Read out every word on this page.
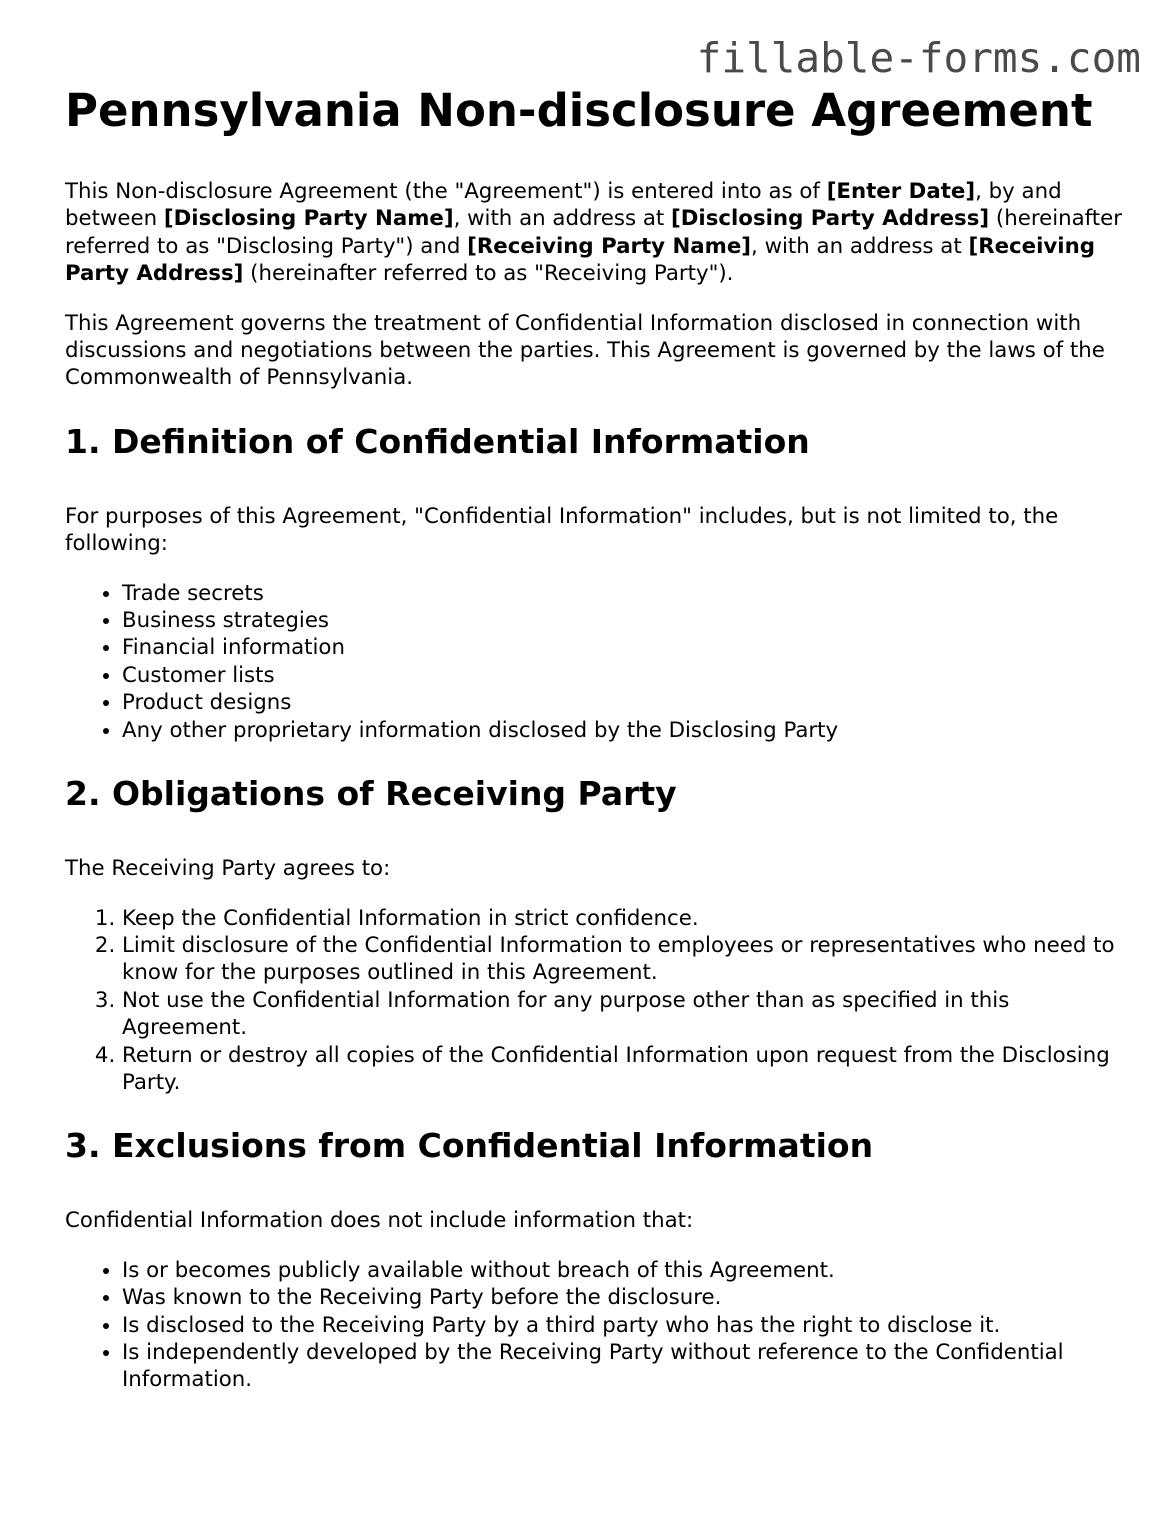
fillable-forms.com
Pennsylvania Non-disclosure Agreement

This Non-disclosure Agreement (the "Agreement") is entered into as of [Enter Date], by and between [Disclosing Party Name], with an address at [Disclosing Party Address] (hereinafter referred to as "Disclosing Party") and [Receiving Party Name], with an address at [Receiving Party Address] (hereinafter referred to as "Receiving Party").

This Agreement governs the treatment of Confidential Information disclosed in connection with discussions and negotiations between the parties. This Agreement is governed by the laws of the Commonwealth of Pennsylvania.

1. Definition of Confidential Information

For purposes of this Agreement, "Confidential Information" includes, but is not limited to, the following:

• Trade secrets
• Business strategies
• Financial information
• Customer lists
• Product designs
• Any other proprietary information disclosed by the Disclosing Party
2. Obligations of Receiving Party

The Receiving Party agrees to:

1. Keep the Confidential Information in strict confidence.
2. Limit disclosure of the Confidential Information to employees or representatives who need to know for the purposes outlined in this Agreement.
3. Not use the Confidential Information for any purpose other than as specified in this Agreement.
4. Return or destroy all copies of the Confidential Information upon request from the Disclosing Party.
3. Exclusions from Confidential Information

Confidential Information does not include information that:

• Is or becomes publicly available without breach of this Agreement.
• Was known to the Receiving Party before the disclosure.
• Is disclosed to the Receiving Party by a third party who has the right to disclose it.
• Is independently developed by the Receiving Party without reference to the Confidential Information.
